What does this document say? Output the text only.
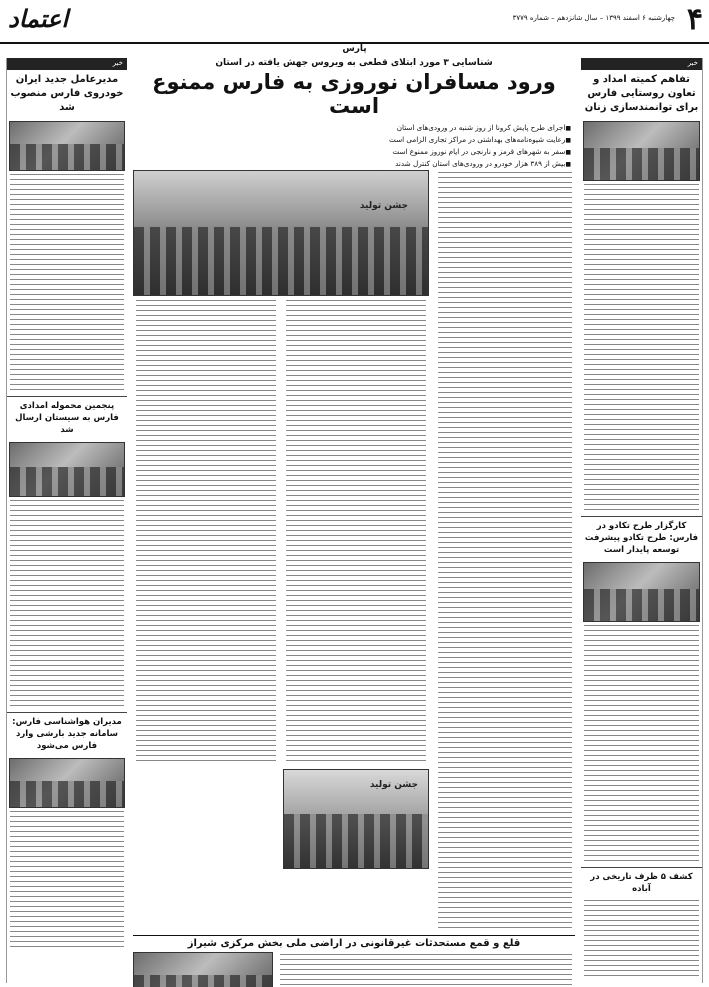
۴
چهارشنبه ۶ اسفند ۱۳۹۹ – سال شانزدهم – شماره ۳۷۷۹
اعتماد
پارس
خبر
تفاهم کمیته امداد و تعاون روستایی فارس برای توانمندسازی زنان
کارگزار طرح تکادو در فارس: طرح تکادو پیشرفت توسعه پایدار است
کشف ۵ ظرف تاریخی در آباده
خبر
مدیرعامل جدید ایران خودروی فارس منصوب شد
پنجمین محموله امدادی فارس به سیستان ارسال شد
مدیران هواشناسی فارس: سامانه جدید بارشی وارد فارس می‌شود
شناسایی ۳ مورد ابتلای قطعی به ویروس جهش یافته در استان
ورود مسافران نوروزی به فارس ممنوع است
■ اجرای طرح پایش کرونا از روز شنبه در ورودی‌های استان
■ رعایت شیوه‌نامه‌های بهداشتی در مراکز تجاری الزامی است
■ سفر به شهرهای قرمز و نارنجی در ایام نوروز ممنوع است
■ بیش از ۳۸۹ هزار خودرو در ورودی‌های استان کنترل شدند
جشن تولید
جشن تولید
قلع و قمع مستحدثات غیرقانونی در اراضی ملی بخش مرکزی شیراز
